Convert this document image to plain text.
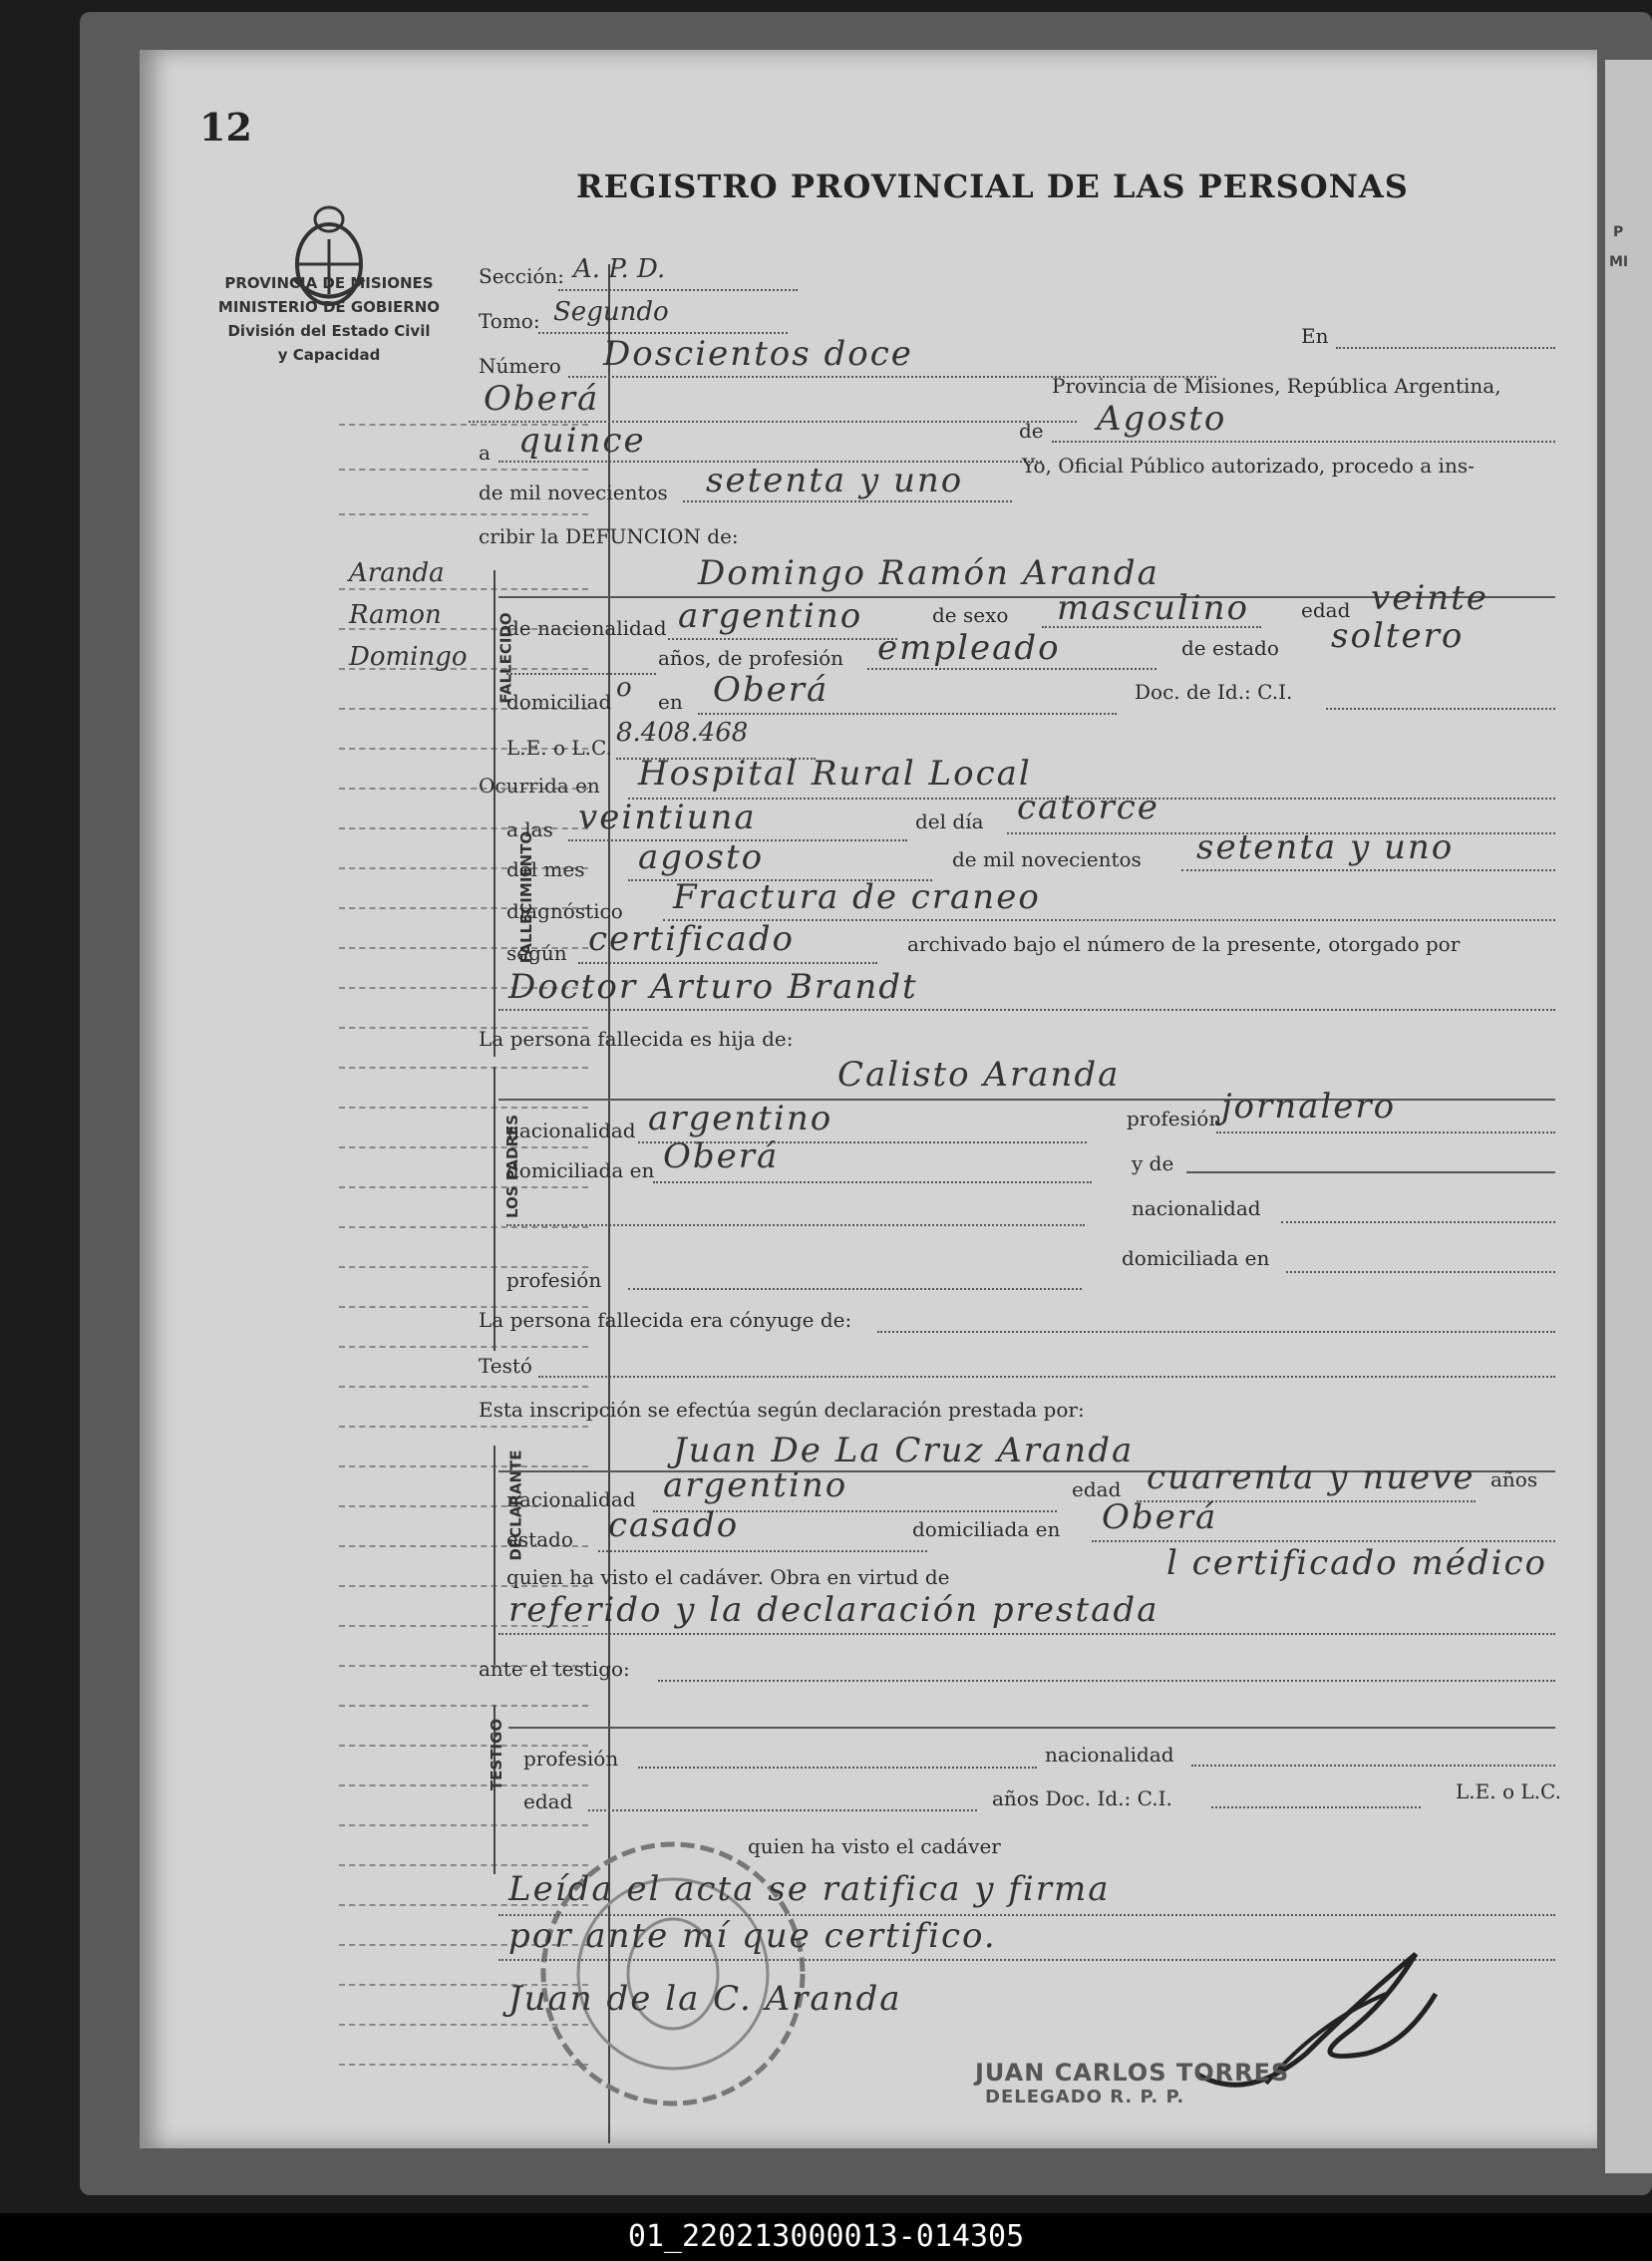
P
MI
12
REGISTRO PROVINCIAL DE LAS PERSONAS
PROVINCIA DE MISIONES
MINISTERIO DE GOBIERNO
División del Estado Civil
y Capacidad
Aranda
Ramon
Domingo
Sección: A. P. D.
Tomo: Segundo
Número Doscientos doce	En
Oberá	Provincia de Misiones, República Argentina,
a quince	de Agosto
de mil novecientos setenta y uno	Yo, Oficial Público autorizado, procedo a ins-
cribir la DEFUNCION de:
FALLECIDO
Domingo Ramón Aranda
de nacionalidad argentino	de sexo masculino	edad veinte
años, de profesión empleado	de estado soltero
domiciliad o en Oberá	Doc. de Id.: C.I.
L.E. o L.C. 8.408.468
Ocurrida en Hospital Rural Local
FALLECIMIENTO
a las veintiuna	del día catorce
del mes agosto	de mil novecientos setenta y uno
diagnóstico Fractura de craneo
según certificado	archivado bajo el número de la presente, otorgado por
Doctor Arturo Brandt
La persona fallecida es hija de:
LOS PADRES
Calisto Aranda
nacionalidad argentino	profesión jornalero
domiciliada en Oberá	y de
nacionalidad
profesión
domiciliada en
La persona fallecida era cónyuge de:
Testó
Esta inscripción se efectúa según declaración prestada por:
DECLARANTE	Juan De La Cruz Aranda
nacionalidad argentino	edad cuarenta y nueve años
estado casado	domiciliada en Oberá
quien ha visto el cadáver. Obra en virtud de	l certificado médico
referido y la declaración prestada
ante el testigo:
TESTIGO profesión	nacionalidad
edad	años Doc. Id.: C.I.	L.E. o L.C.
quien ha visto el cadáver
Leída el acta se ratifica y firma
por ante mí que certifico.
Juan de la C. Aranda
JUAN CARLOS TORRES
DELEGADO R. P. P.
01_220213000013-014305
